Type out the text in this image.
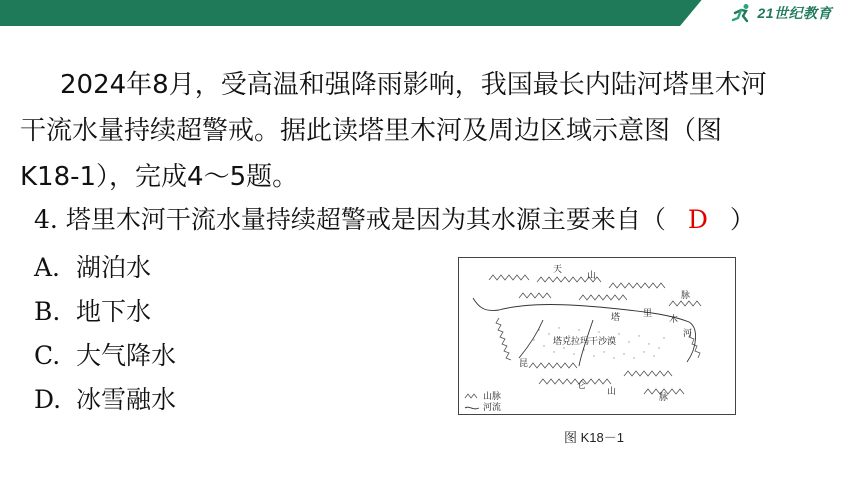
21世纪教育
2024年8月，受高温和强降雨影响，我国最长内陆河塔里木河
干流水量持续超警戒。据此读塔里木河及周边区域示意图（图
K18-1），完成4～5题。
4. 塔里木河干流水量持续超警戒是因为其水源主要来自（ D ）
A. 湖泊水
B. 地下水
C. 大气降水
D. 冰雪融水
天
山
脉
塔	里
木
河
塔克拉玛干沙漠
昆
仑
山
脉
山脉
河流
图 K18－1
